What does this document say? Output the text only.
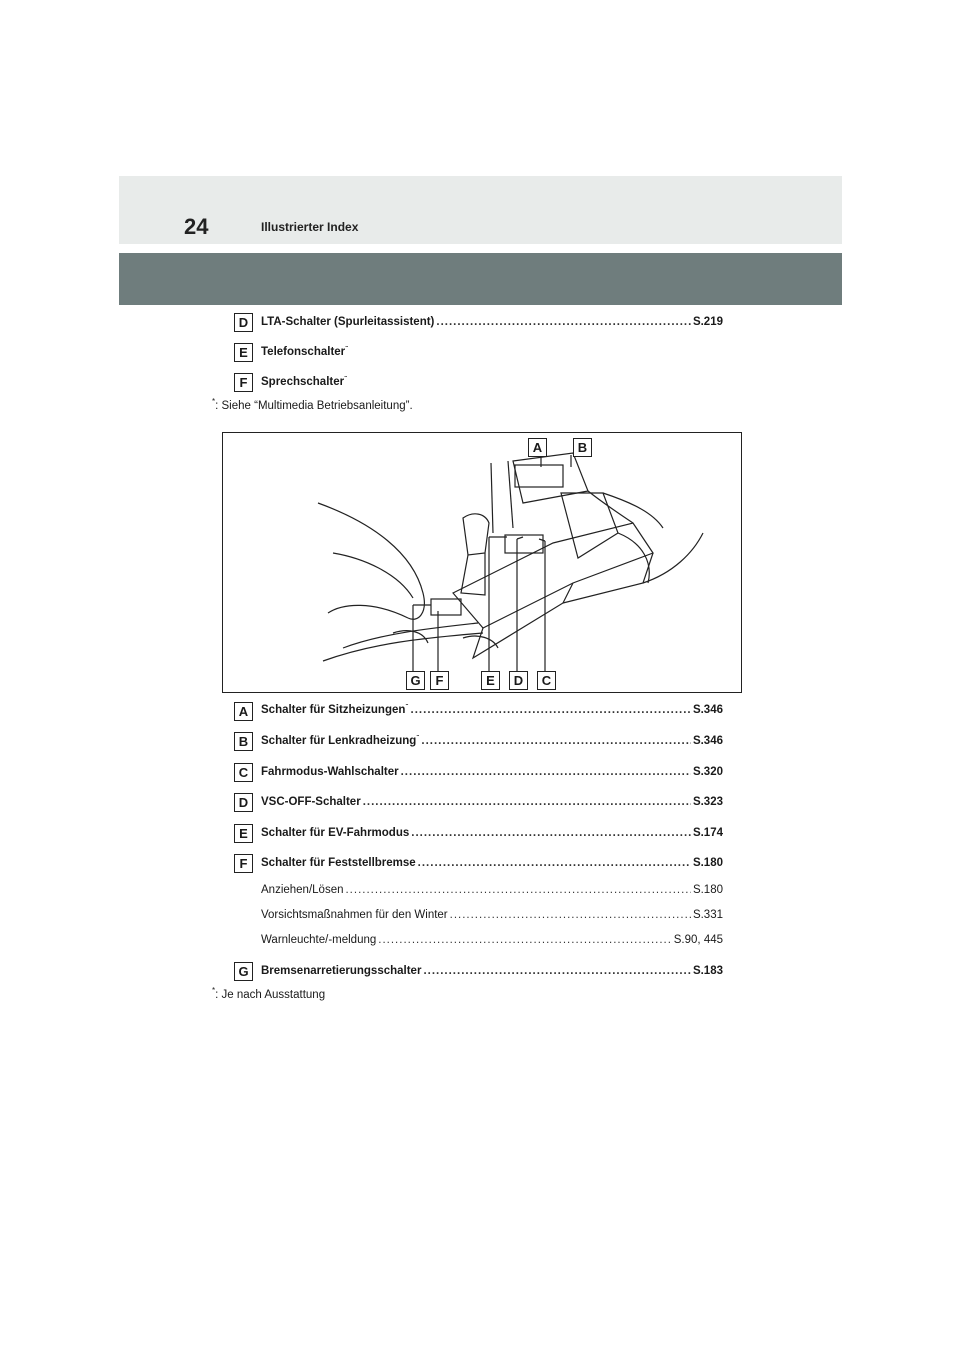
24	Illustrierter Index
D	LTA-Schalter (Spurleitassistent) .....	S.219
E	Telefonschalter*
F	Sprechschalter*
*: Siehe “Multimedia Betriebsanleitung”.
A	B
G	F	E	D	C
A	Schalter für Sitzheizungen* .....	S.346
B	Schalter für Lenkradheizung* .....	S.346
C	Fahrmodus-Wahlschalter .....	S.320
D	VSC-OFF-Schalter .....	S.323
E	Schalter für EV-Fahrmodus .....	S.174
F	Schalter für Feststellbremse .....	S.180
Anziehen/Lösen .....	S.180
Vorsichtsmaßnahmen für den Winter .....	S.331
Warnleuchte/-meldung .....	S.90, 445
G	Bremsenarretierungsschalter .....	S.183
*: Je nach Ausstattung
